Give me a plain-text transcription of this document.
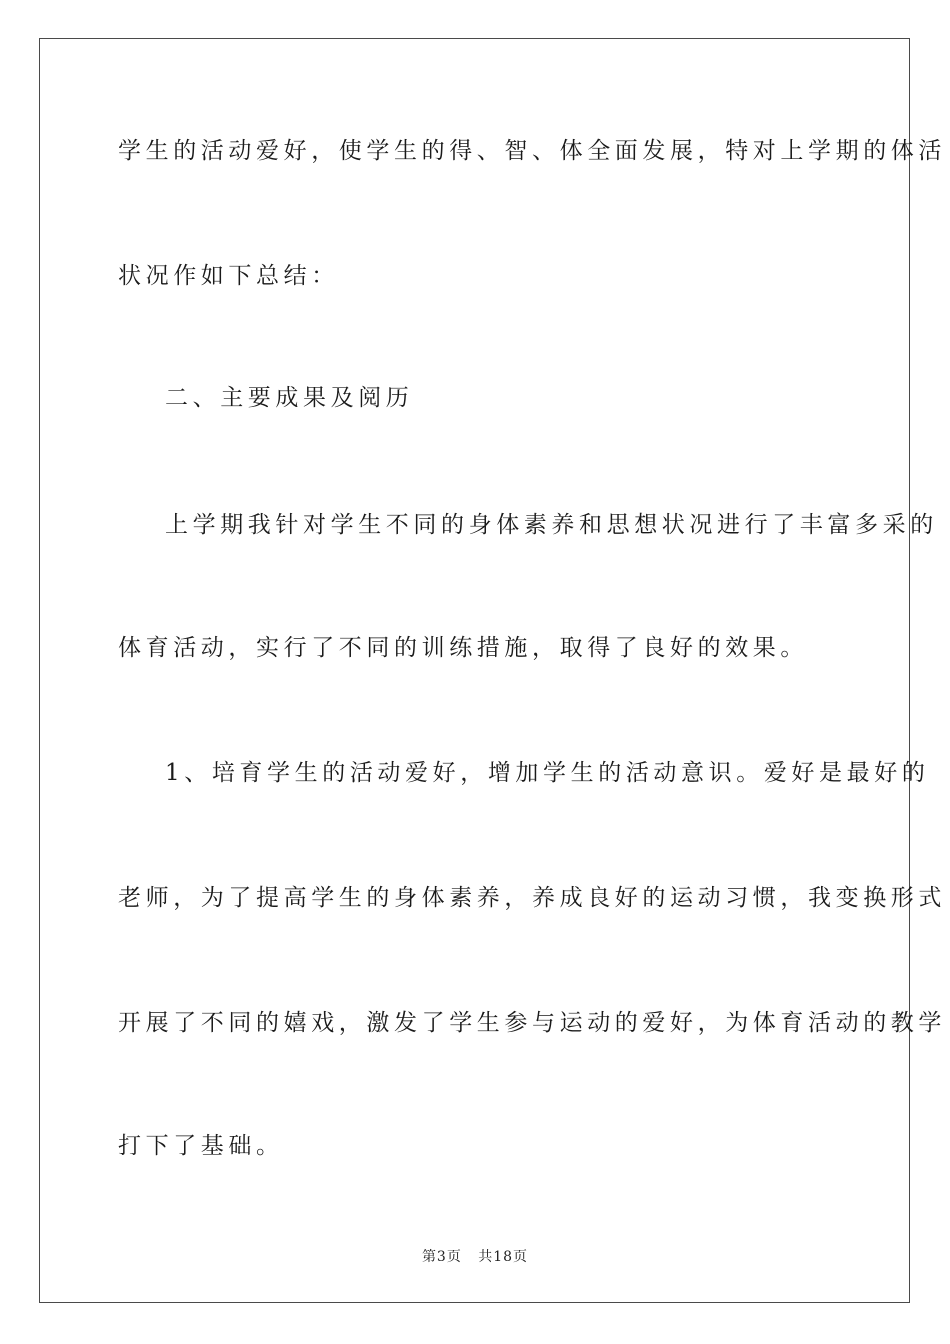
学生的活动爱好，使学生的得、智、体全面发展，特对上学期的体活
状况作如下总结：
二、主要成果及阅历
上学期我针对学生不同的身体素养和思想状况进行了丰富多采的
体育活动，实行了不同的训练措施，取得了良好的效果。
1、培育学生的活动爱好，增加学生的活动意识。爱好是最好的
老师，为了提高学生的身体素养，养成良好的运动习惯，我变换形式
开展了不同的嬉戏，激发了学生参与运动的爱好，为体育活动的教学
打下了基础。
第3页 共18页
